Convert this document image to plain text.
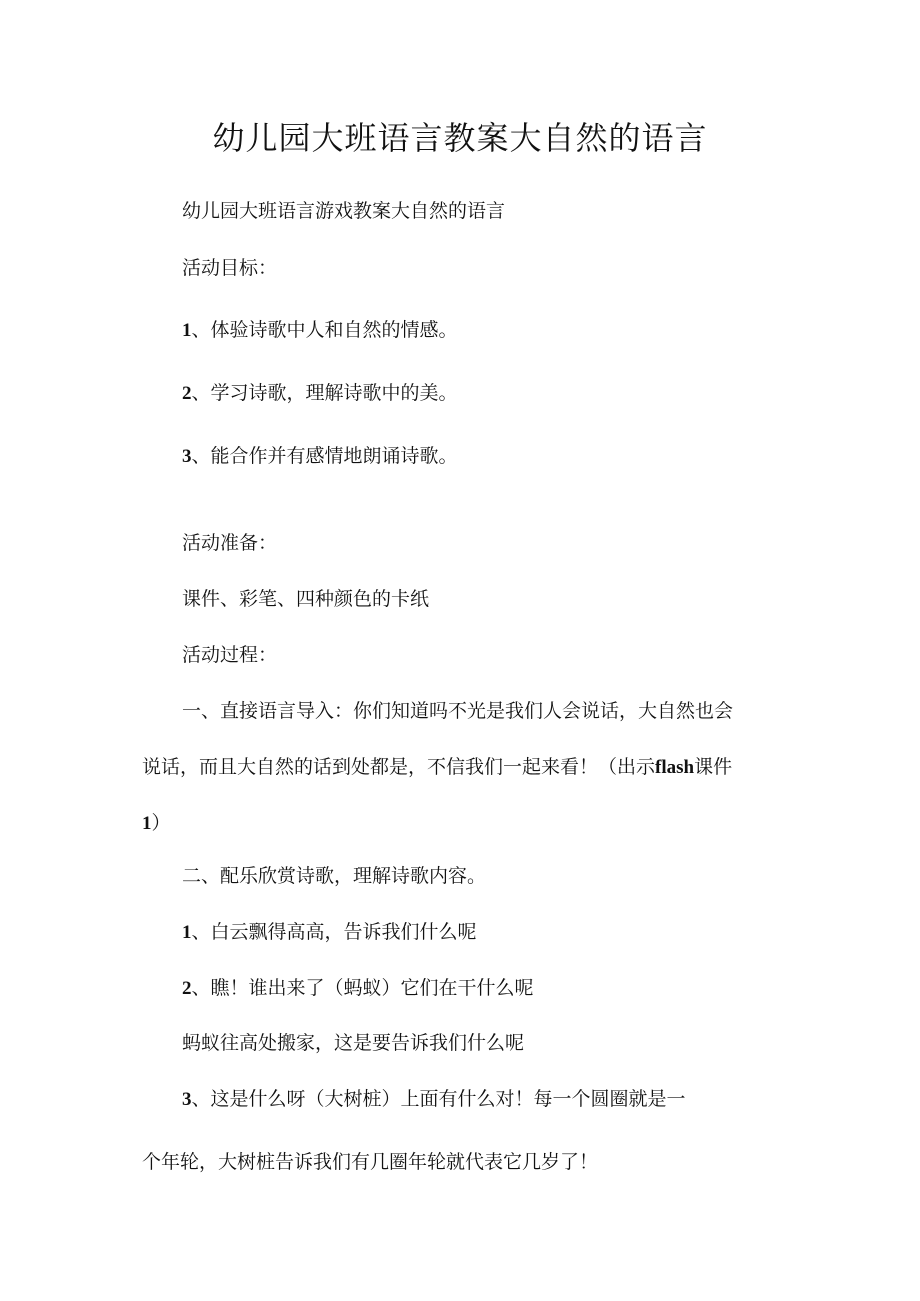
幼儿园大班语言教案大自然的语言
幼儿园大班语言游戏教案大自然的语言
活动目标：
1、体验诗歌中人和自然的情感。
2、学习诗歌，理解诗歌中的美。
3、能合作并有感情地朗诵诗歌。
活动准备：
课件、彩笔、四种颜色的卡纸
活动过程：
一、直接语言导入：你们知道吗不光是我们人会说话，大自然也会
说话，而且大自然的话到处都是，不信我们一起来看！（出示flash课件
1）
二、配乐欣赏诗歌，理解诗歌内容。
1、白云飘得高高，告诉我们什么呢
2、瞧！谁出来了（蚂蚁）它们在干什么呢
蚂蚁往高处搬家，这是要告诉我们什么呢
3、这是什么呀（大树桩）上面有什么对！每一个圆圈就是一
个年轮，大树桩告诉我们有几圈年轮就代表它几岁了！
